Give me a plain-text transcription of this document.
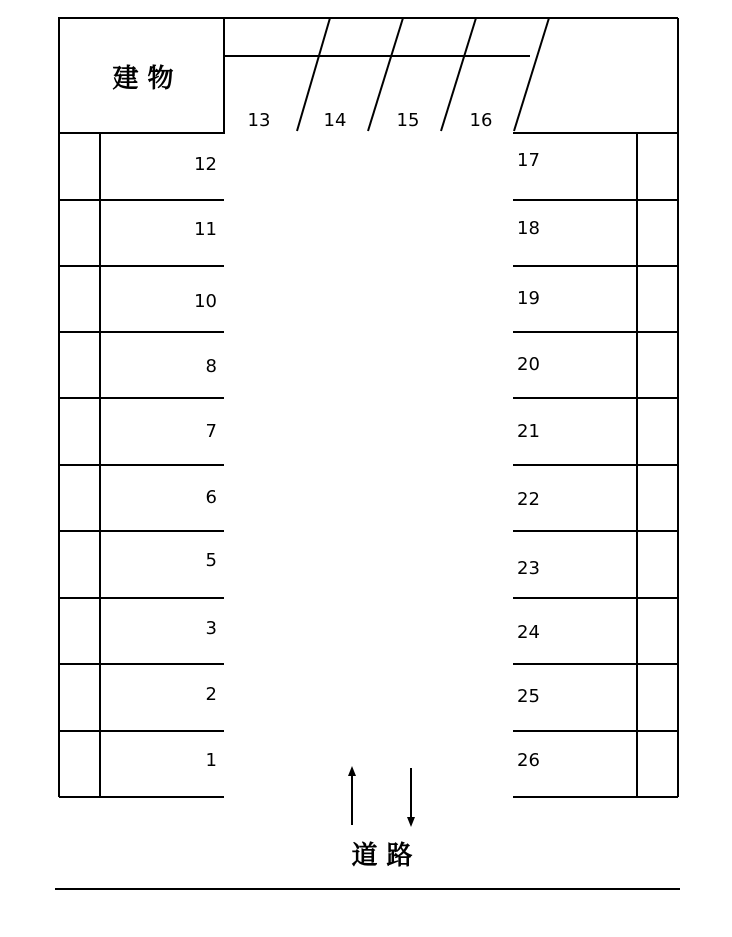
建 物
13	14	15	16
12
11
10
8
7
6
5
3
2
1
17
18
19
20
21
22
23
24
25
26
道 路
